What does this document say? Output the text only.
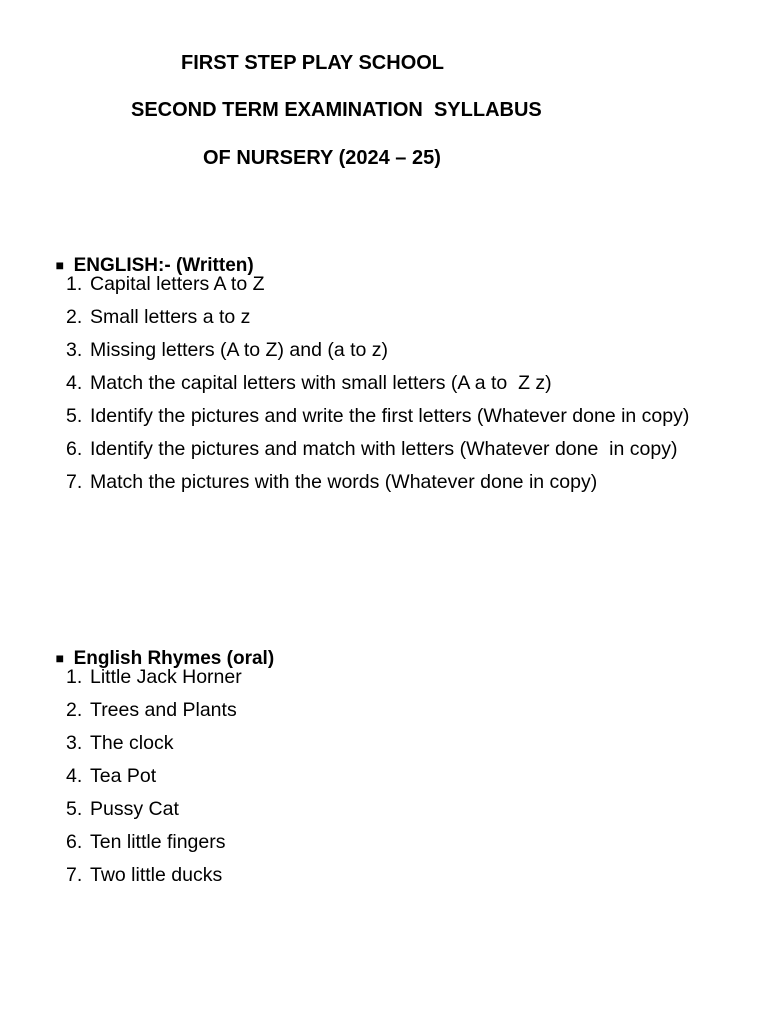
FIRST STEP PLAY SCHOOL
SECOND TERM EXAMINATION  SYLLABUS
OF NURSERY (2024 – 25)

■ ENGLISH:- (Written)

1. Capital letters A to Z
2. Small letters a to z
3. Missing letters (A to Z) and (a to z)
4. Match the capital letters with small letters (A a to  Z z)
5. Identify the pictures and write the first letters (Whatever done in copy)
6. Identify the pictures and match with letters (Whatever done  in copy)
7. Match the pictures with the words (Whatever done in copy)

■ English Rhymes (oral)

1. Little Jack Horner
2. Trees and Plants
3. The clock
4. Tea Pot
5. Pussy Cat
6. Ten little fingers
7. Two little ducks
